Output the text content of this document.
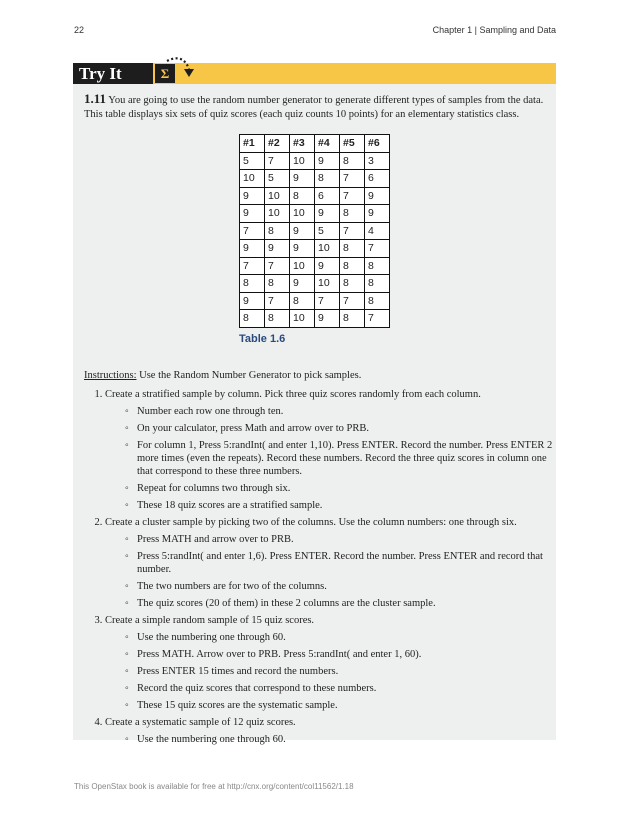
22	Chapter 1 | Sampling and Data
Try It	Σ
1.11 You are going to use the random number generator to generate different types of samples from the data.
This table displays six sets of quiz scores (each quiz counts 10 points) for an elementary statistics class.
#1	#2	#3	#4	#5	#6
5	7	10	9	8	3
10	5	9	8	7	6
9	10	8	6	7	9
9	10	10	9	8	9
7	8	9	5	7	4
9	9	9	10	8	7
7	7	10	9	8	8
8	8	9	10	8	8
9	7	8	7	7	8
8	8	10	9	8	7
Table 1.6
Instructions: Use the Random Number Generator to pick samples.
1. Create a stratified sample by column. Pick three quiz scores randomly from each column.
◦ Number each row one through ten.
◦ On your calculator, press Math and arrow over to PRB.
◦ For column 1, Press 5:randInt( and enter 1,10). Press ENTER. Record the number. Press ENTER 2 more times (even the repeats). Record these numbers. Record the three quiz scores in column one that correspond to these three numbers.
◦ Repeat for columns two through six.
◦ These 18 quiz scores are a stratified sample.
2. Create a cluster sample by picking two of the columns. Use the column numbers: one through six.
◦ Press MATH and arrow over to PRB.
◦ Press 5:randInt( and enter 1,6). Press ENTER. Record the number. Press ENTER and record that number.
◦ The two numbers are for two of the columns.
◦ The quiz scores (20 of them) in these 2 columns are the cluster sample.
3. Create a simple random sample of 15 quiz scores.
◦ Use the numbering one through 60.
◦ Press MATH. Arrow over to PRB. Press 5:randInt( and enter 1, 60).
◦ Press ENTER 15 times and record the numbers.
◦ Record the quiz scores that correspond to these numbers.
◦ These 15 quiz scores are the systematic sample.
4. Create a systematic sample of 12 quiz scores.
◦ Use the numbering one through 60.
This OpenStax book is available for free at http://cnx.org/content/col11562/1.18
